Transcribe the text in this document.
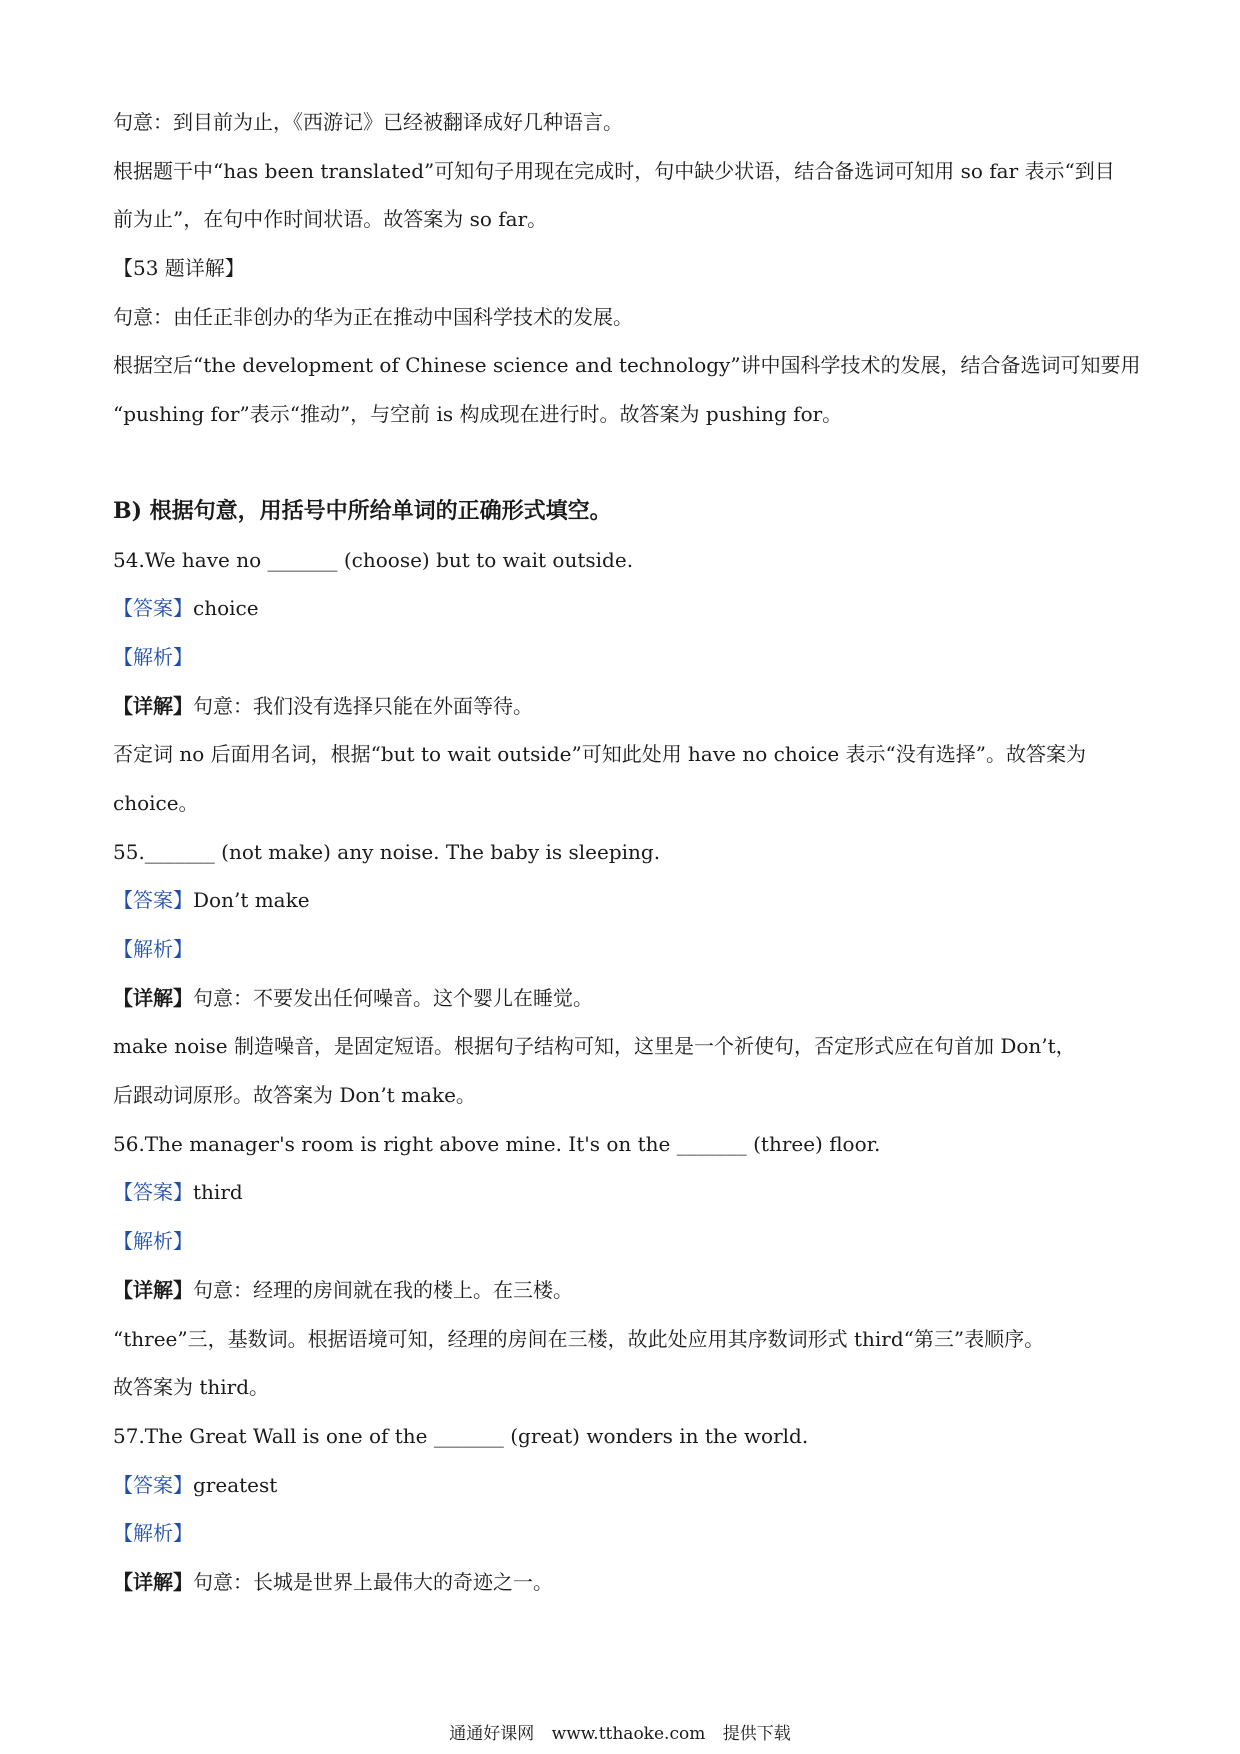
句意：到目前为止，《西游记》已经被翻译成好几种语言。
根据题干中“has been translated”可知句子用现在完成时，句中缺少状语，结合备选词可知用 so far 表示“到目
前为止”，在句中作时间状语。故答案为 so far。
【53 题详解】
句意：由任正非创办的华为正在推动中国科学技术的发展。
根据空后“the development of Chinese science and technology”讲中国科学技术的发展，结合备选词可知要用
“pushing for”表示“推动”，与空前 is 构成现在进行时。故答案为 pushing for。
B) 根据句意，用括号中所给单词的正确形式填空。
54.We have no _______ (choose) but to wait outside.
【答案】choice
【解析】
【详解】句意：我们没有选择只能在外面等待。
否定词 no 后面用名词，根据“but to wait outside”可知此处用 have no choice 表示“没有选择”。故答案为
choice。
55._______ (not make) any noise. The baby is sleeping.
【答案】Don’t make
【解析】
【详解】句意：不要发出任何噪音。这个婴儿在睡觉。
make noise 制造噪音，是固定短语。根据句子结构可知，这里是一个祈使句，否定形式应在句首加 Don’t，
后跟动词原形。故答案为 Don’t make。
56.The manager's room is right above mine. It's on the _______ (three) floor.
【答案】third
【解析】
【详解】句意：经理的房间就在我的楼上。在三楼。
“three”三，基数词。根据语境可知，经理的房间在三楼，故此处应用其序数词形式 third“第三”表顺序。
故答案为 third。
57.The Great Wall is one of the _______ (great) wonders in the world.
【答案】greatest
【解析】
【详解】句意：长城是世界上最伟大的奇迹之一。
通通好课网 www.tthaoke.com 提供下载
